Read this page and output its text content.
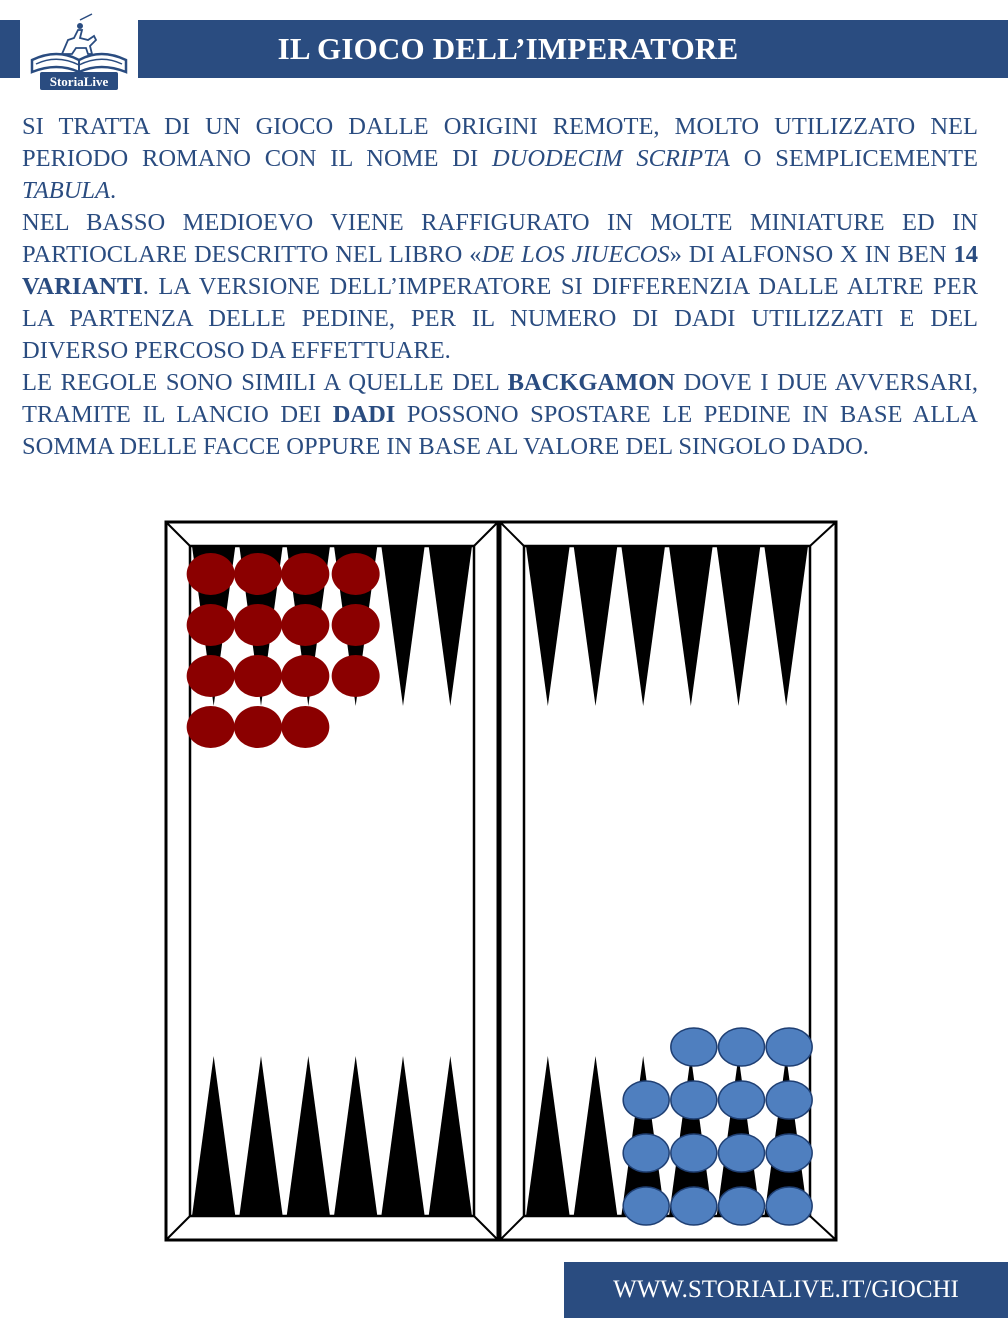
StoriaLive
IL GIOCO DELL’IMPERATORE

SI TRATTA DI UN GIOCO DALLE ORIGINI REMOTE, MOLTO UTILIZZATO NEL PERIODO ROMANO CON IL NOME DI DUODECIM SCRIPTA O SEMPLICEMENTE TABULA.

NEL BASSO MEDIOEVO VIENE RAFFIGURATO IN MOLTE MINIATURE ED IN PARTIOCLARE DESCRITTO NEL LIBRO «DE LOS JIUECOS» DI ALFONSO X IN BEN 14 VARIANTI. LA VERSIONE DELL’IMPERATORE SI DIFFERENZIA DALLE ALTRE PER LA PARTENZA DELLE PEDINE, PER IL NUMERO DI DADI UTILIZZATI E DEL DIVERSO PERCOSO DA EFFETTUARE.

LE REGOLE SONO SIMILI A QUELLE DEL BACKGAMON DOVE I DUE AVVERSARI, TRAMITE IL LANCIO DEI DADI POSSONO SPOSTARE LE PEDINE IN BASE ALLA SOMMA DELLE FACCE OPPURE IN BASE AL VALORE DEL SINGOLO DADO.

WWW.STORIALIVE.IT/GIOCHI
